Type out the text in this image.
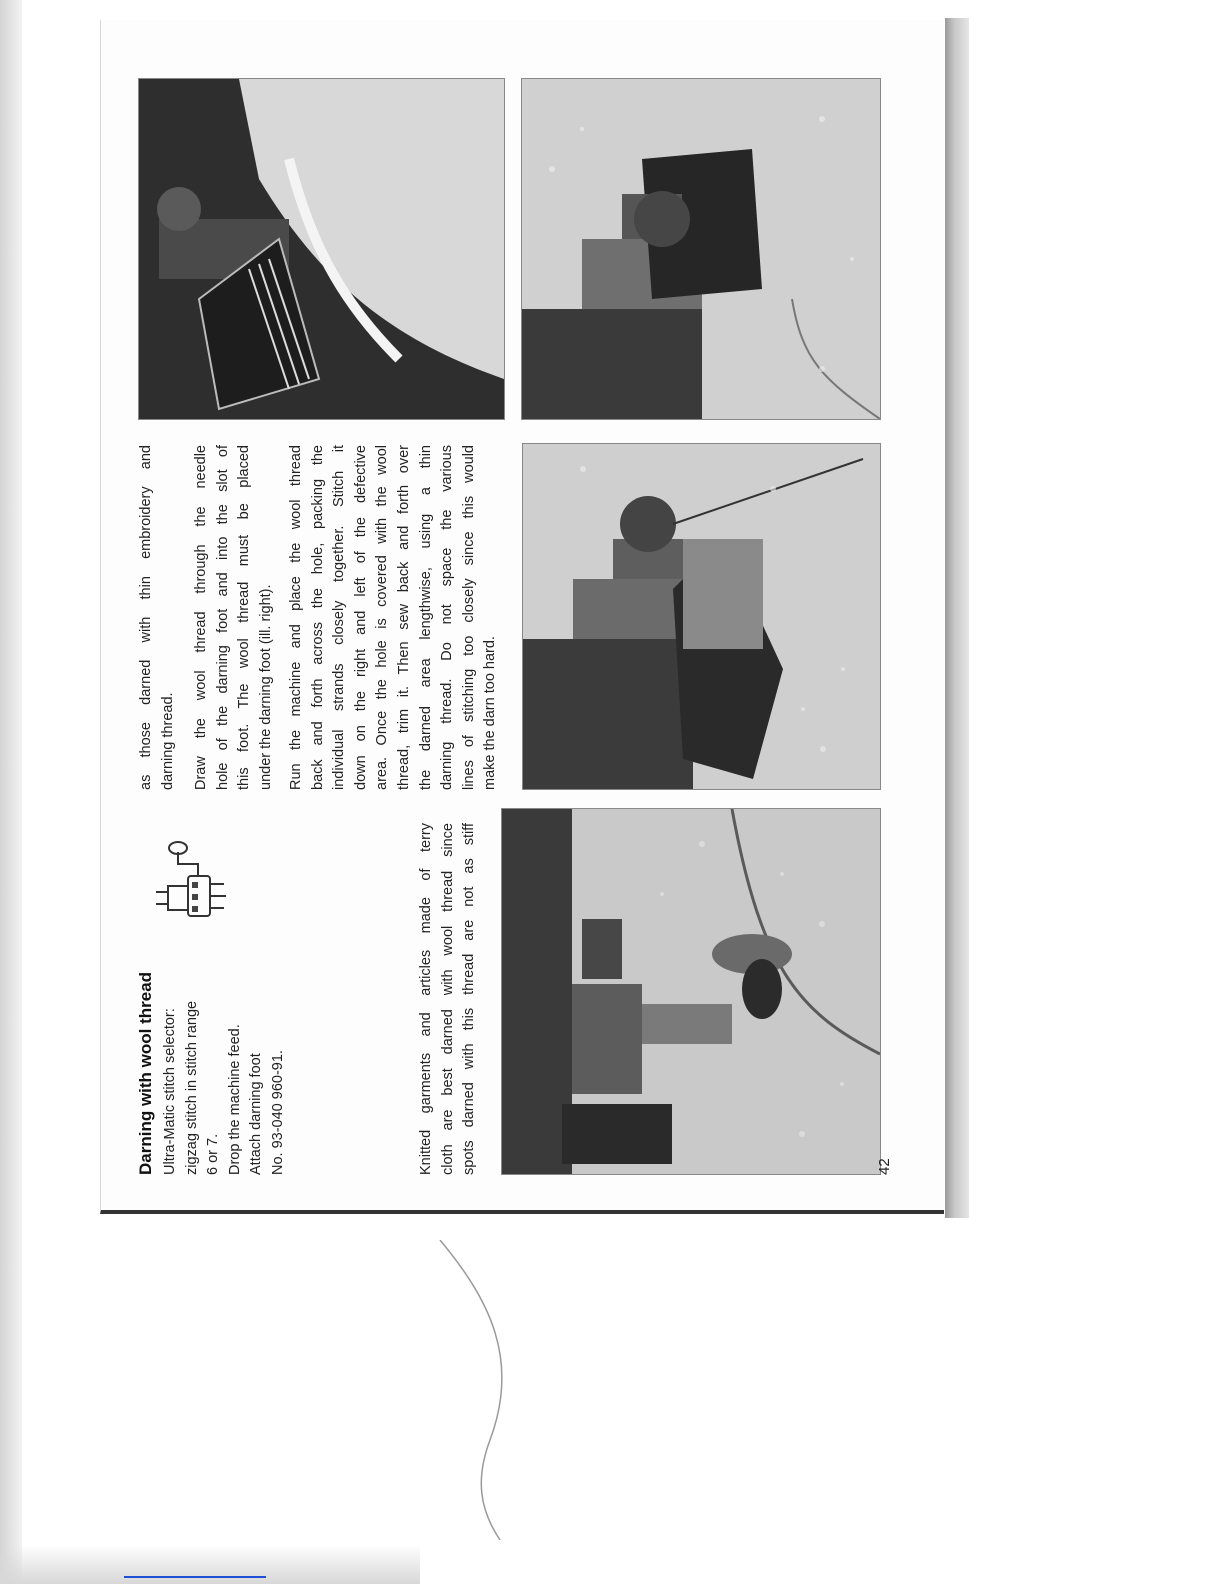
Darning with wool thread Ultra-Matic stitch selector: zigzag stitch in stitch range 6 or 7. Drop the machine feed. Attach darning foot No. 93-040 960-91.	Knitted garments and articles made of terry cloth are best darned with wool thread since spots darned with this thread are not as stiff
as those darned with thin embroidery and darning thread. Draw the wool thread through the needle hole of the darning foot and into the slot of this foot. The wool thread must be placed under the darning foot (ill. right). Run the machine and place the wool thread back and forth across the hole, packing the individual strands closely together. Stitch it down on the right and left of the defective area. Once the hole is covered with the wool thread, trim it. Then sew back and forth over the darned area lengthwise, using a thin darning thread. Do not space the various lines of stitching too closely since this would make the darn too hard.
42
